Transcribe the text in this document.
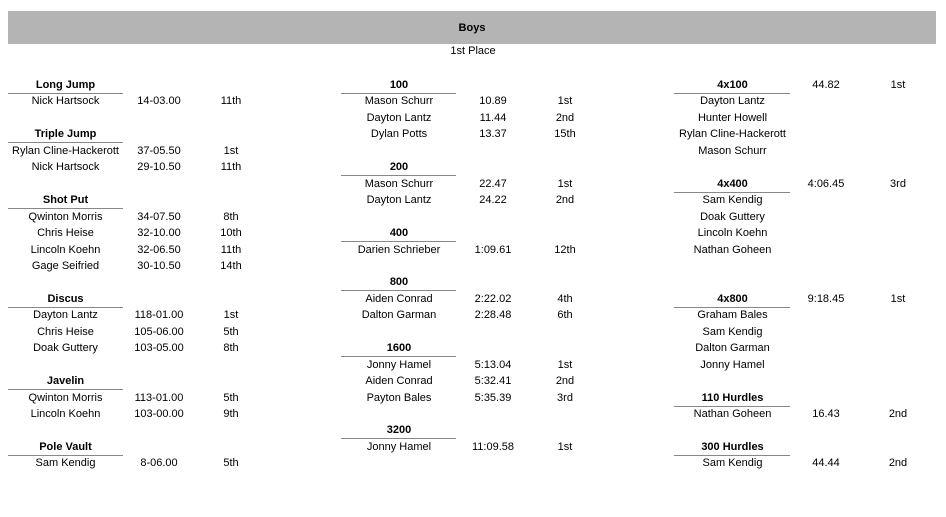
Boys
1st Place
Long Jump
Nick Hartsock	14-03.00	11th
Triple Jump
Rylan Cline-Hackerott	37-05.50	1st
Nick Hartsock	29-10.50	11th
Shot Put
Qwinton Morris	34-07.50	8th
Chris Heise	32-10.00	10th
Lincoln Koehn	32-06.50	11th
Gage Seifried	30-10.50	14th
Discus
Dayton Lantz	118-01.00	1st
Chris Heise	105-06.00	5th
Doak Guttery	103-05.00	8th
Javelin
Qwinton Morris	113-01.00	5th
Lincoln Koehn	103-00.00	9th
Pole Vault
Sam Kendig	8-06.00	5th
100
Mason Schurr	10.89	1st
Dayton Lantz	11.44	2nd
Dylan Potts	13.37	15th
200
Mason Schurr	22.47	1st
Dayton Lantz	24.22	2nd
400
Darien Schrieber	1:09.61	12th
800
Aiden Conrad	2:22.02	4th
Dalton Garman	2:28.48	6th
1600
Jonny Hamel	5:13.04	1st
Aiden Conrad	5:32.41	2nd
Payton Bales	5:35.39	3rd
3200
Jonny Hamel	11:09.58	1st
4x100	44.82	1st
Dayton Lantz
Hunter Howell
Rylan Cline-Hackerott
Mason Schurr
4x400	4:06.45	3rd
Sam Kendig
Doak Guttery
Lincoln Koehn
Nathan Goheen
4x800	9:18.45	1st
Graham Bales
Sam Kendig
Dalton Garman
Jonny Hamel
110 Hurdles
Nathan Goheen	16.43	2nd
300 Hurdles
Sam Kendig	44.44	2nd
